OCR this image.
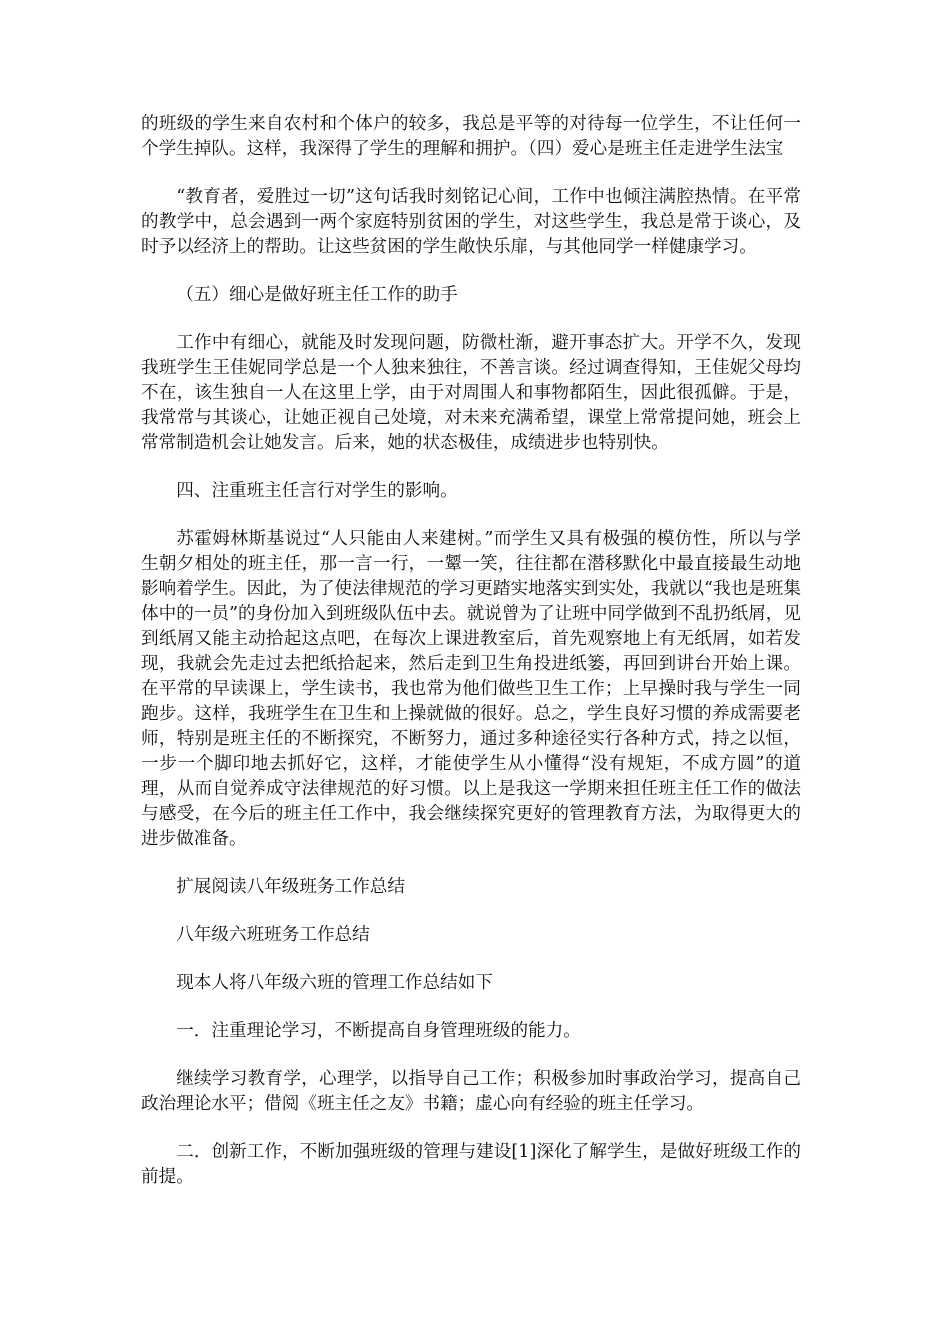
的班级的学生来自农村和个体户的较多，我总是平等的对待每一位学生，不让任何一个学生掉队。这样，我深得了学生的理解和拥护。（四）爱心是班主任走进学生法宝

“教育者，爱胜过一切”这句话我时刻铭记心间，工作中也倾注满腔热情。在平常的教学中，总会遇到一两个家庭特别贫困的学生，对这些学生，我总是常于谈心，及时予以经济上的帮助。让这些贫困的学生敞快乐扉，与其他同学一样健康学习。

（五）细心是做好班主任工作的助手

工作中有细心，就能及时发现问题，防微杜渐，避开事态扩大。开学不久，发现我班学生王佳妮同学总是一个人独来独往，不善言谈。经过调查得知，王佳妮父母均不在，该生独自一人在这里上学，由于对周围人和事物都陌生，因此很孤僻。于是，我常常与其谈心，让她正视自己处境，对未来充满希望，课堂上常常提问她，班会上常常制造机会让她发言。后来，她的状态极佳，成绩进步也特别快。

四、注重班主任言行对学生的影响。

苏霍姆林斯基说过“人只能由人来建树。”而学生又具有极强的模仿性，所以与学生朝夕相处的班主任，那一言一行，一颦一笑，往往都在潜移默化中最直接最生动地影响着学生。因此，为了使法律规范的学习更踏实地落实到实处，我就以“我也是班集体中的一员”的身份加入到班级队伍中去。就说曾为了让班中同学做到不乱扔纸屑，见到纸屑又能主动拾起这点吧，在每次上课进教室后，首先观察地上有无纸屑，如若发现，我就会先走过去把纸拾起来，然后走到卫生角投进纸篓，再回到讲台开始上课。在平常的早读课上，学生读书，我也常为他们做些卫生工作；上早操时我与学生一同跑步。这样，我班学生在卫生和上操就做的很好。总之，学生良好习惯的养成需要老师，特别是班主任的不断探究，不断努力，通过多种途径实行各种方式，持之以恒，一步一个脚印地去抓好它，这样，才能使学生从小懂得“没有规矩，不成方圆”的道理，从而自觉养成守法律规范的好习惯。以上是我这一学期来担任班主任工作的做法与感受，在今后的班主任工作中，我会继续探究更好的管理教育方法，为取得更大的进步做准备。

扩展阅读八年级班务工作总结

八年级六班班务工作总结

现本人将八年级六班的管理工作总结如下

一．注重理论学习，不断提高自身管理班级的能力。

继续学习教育学，心理学，以指导自己工作；积极参加时事政治学习，提高自己政治理论水平；借阅《班主任之友》书籍；虚心向有经验的班主任学习。

二．创新工作，不断加强班级的管理与建设[1]深化了解学生，是做好班级工作的前提。
